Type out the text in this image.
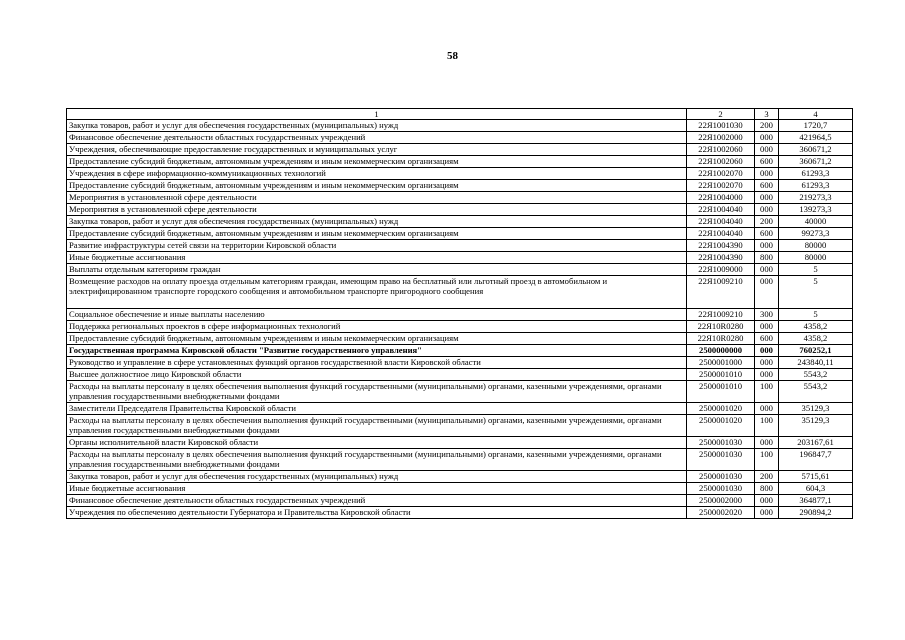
58
1	2	3	4
Закупка товаров, работ и услуг для обеспечения государственных (муниципальных) нужд	22Я1001030	200	1720,7
Финансовое обеспечение деятельности областных государственных учреждений	22Я1002000	000	421964,5
Учреждения, обеспечивающие предоставление государственных и муниципальных услуг	22Я1002060	000	360671,2
Предоставление субсидий бюджетным, автономным учреждениям и иным некоммерческим организациям	22Я1002060	600	360671,2
Учреждения в сфере информационно-коммуникационных технологий	22Я1002070	000	61293,3
Предоставление субсидий бюджетным, автономным учреждениям и иным некоммерческим организациям	22Я1002070	600	61293,3
Мероприятия в установленной сфере деятельности	22Я1004000	000	219273,3
Мероприятия в установленной сфере деятельности	22Я1004040	000	139273,3
Закупка товаров, работ и услуг для обеспечения государственных (муниципальных) нужд	22Я1004040	200	40000
Предоставление субсидий бюджетным, автономным учреждениям и иным некоммерческим организациям	22Я1004040	600	99273,3
Развитие инфраструктуры сетей связи на территории Кировской области	22Я1004390	000	80000
Иные бюджетные ассигнования	22Я1004390	800	80000
Выплаты отдельным категориям граждан	22Я1009000	000	5
Возмещение расходов на оплату проезда отдельным категориям граждан, имеющим право на бесплатный или льготный проезд в автомобильном и электрифицированном транспорте городского сообщения и автомобильном транспорте пригородного сообщения	22Я1009210	000	5
Социальное обеспечение и иные выплаты населению	22Я1009210	300	5
Поддержка региональных проектов в сфере информационных технологий	22Я10R0280	000	4358,2
Предоставление субсидий бюджетным, автономным учреждениям и иным некоммерческим организациям	22Я10R0280	600	4358,2
Государственная программа Кировской области "Развитие государственного управления"	2500000000	000	760252,1
Руководство и управление в сфере установленных функций органов государственной власти Кировской области	2500001000	000	243840,11
Высшее должностное лицо Кировской области	2500001010	000	5543,2
Расходы на выплаты персоналу в целях обеспечения выполнения функций государственными (муниципальными) органами, казенными учреждениями, органами управления государственными внебюджетными фондами	2500001010	100	5543,2
Заместители Председателя Правительства Кировской области	2500001020	000	35129,3
Расходы на выплаты персоналу в целях обеспечения выполнения функций государственными (муниципальными) органами, казенными учреждениями, органами управления государственными внебюджетными фондами	2500001020	100	35129,3
Органы исполнительной власти Кировской области	2500001030	000	203167,61
Расходы на выплаты персоналу в целях обеспечения выполнения функций государственными (муниципальными) органами, казенными учреждениями, органами управления государственными внебюджетными фондами	2500001030	100	196847,7
Закупка товаров, работ и услуг для обеспечения государственных (муниципальных) нужд	2500001030	200	5715,61
Иные бюджетные ассигнования	2500001030	800	604,3
Финансовое обеспечение деятельности областных государственных учреждений	2500002000	000	364877,1
Учреждения по обеспечению деятельности Губернатора и Правительства Кировской области	2500002020	000	290894,2
